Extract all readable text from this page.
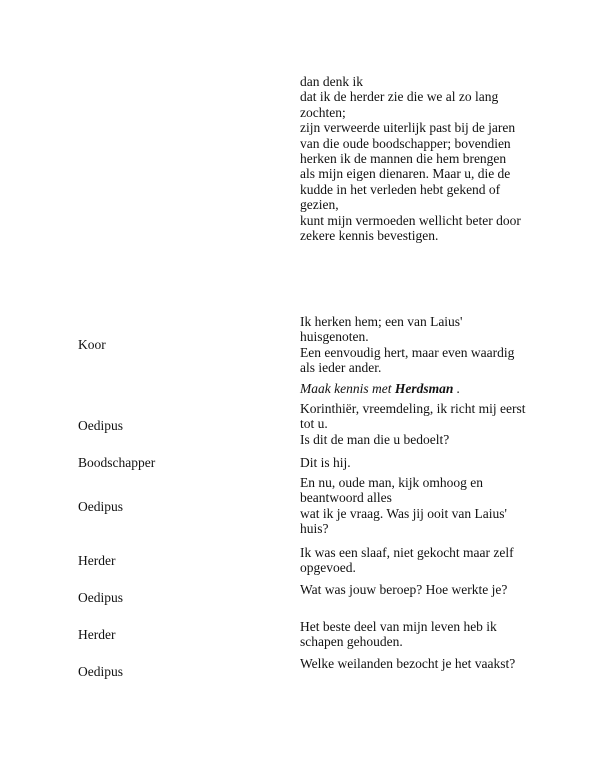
dan denk ik
dat ik de herder zie die we al zo lang zochten;
zijn verweerde uiterlijk past bij de jaren
van die oude boodschapper; bovendien
herken ik de mannen die hem brengen
als mijn eigen dienaren. Maar u, die de kudde in het verleden hebt gekend of gezien,
kunt mijn vermoeden wellicht beter door zekere kennis bevestigen.
Koor
Ik herken hem; een van Laius' huisgenoten.
Een eenvoudig hert, maar even waardig als ieder ander.
Maak kennis met Herdsman .
Oedipus
Korinthiër, vreemdeling, ik richt mij eerst tot u.
Is dit de man die u bedoelt?
Boodschapper	Dit is hij.
Oedipus
En nu, oude man, kijk omhoog en beantwoord alles
wat ik je vraag. Was jij ooit van Laius' huis?
Herder
Ik was een slaaf, niet gekocht maar zelf opgevoed.
Oedipus
Wat was jouw beroep? Hoe werkte je?
Herder
Het beste deel van mijn leven heb ik schapen gehouden.
Oedipus
Welke weilanden bezocht je het vaakst?
